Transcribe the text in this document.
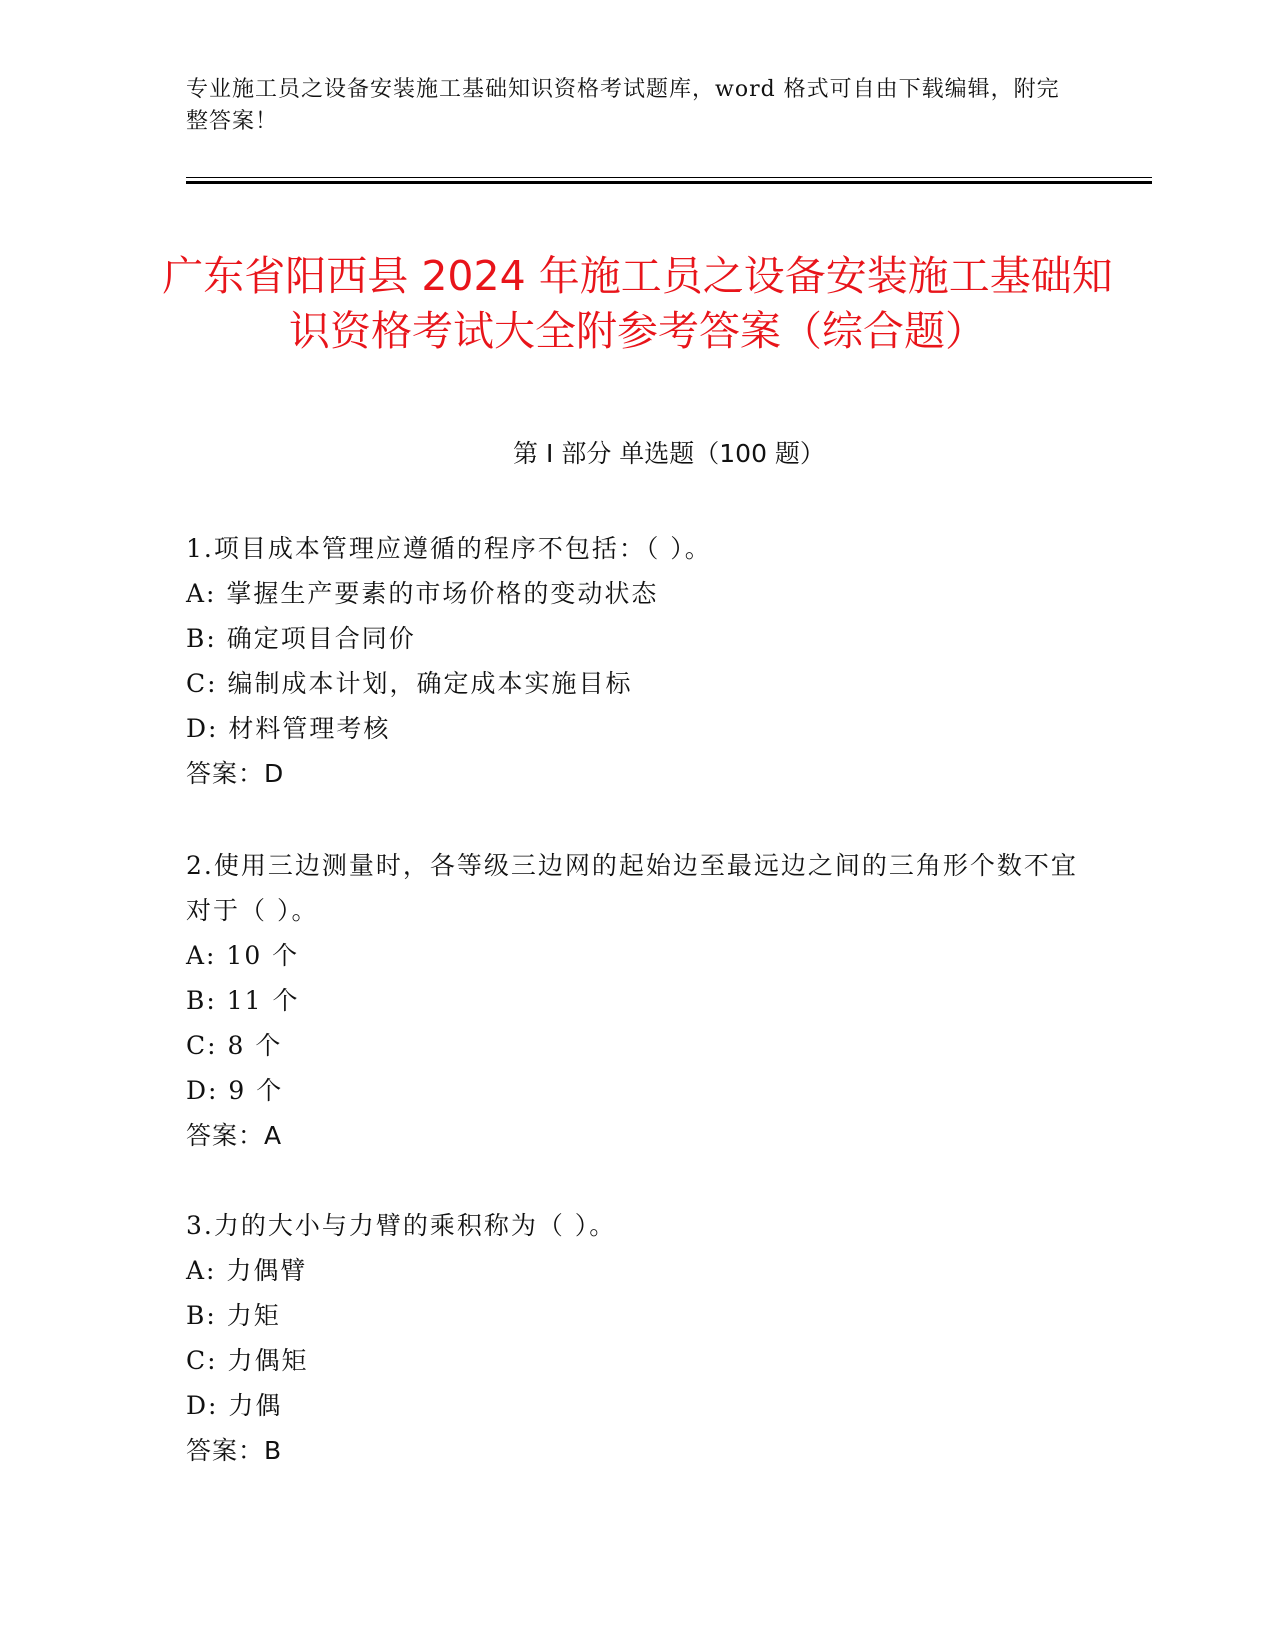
专业施工员之设备安装施工基础知识资格考试题库，word 格式可自由下载编辑，附完整答案！
广东省阳西县 2024 年施工员之设备安装施工基础知识资格考试大全附参考答案（综合题）
第 I 部分 单选题（100 题）

1.项目成本管理应遵循的程序不包括：（ ）。

A: 掌握生产要素的市场价格的变动状态

B: 确定项目合同价

C: 编制成本计划，确定成本实施目标

D: 材料管理考核

答案：D

2.使用三边测量时，各等级三边网的起始边至最远边之间的三角形个数不宜对于（ ）。

A: 10 个

B: 11 个

C: 8 个

D: 9 个

答案：A

3.力的大小与力臂的乘积称为（ ）。

A: 力偶臂

B: 力矩

C: 力偶矩

D: 力偶

答案：B
